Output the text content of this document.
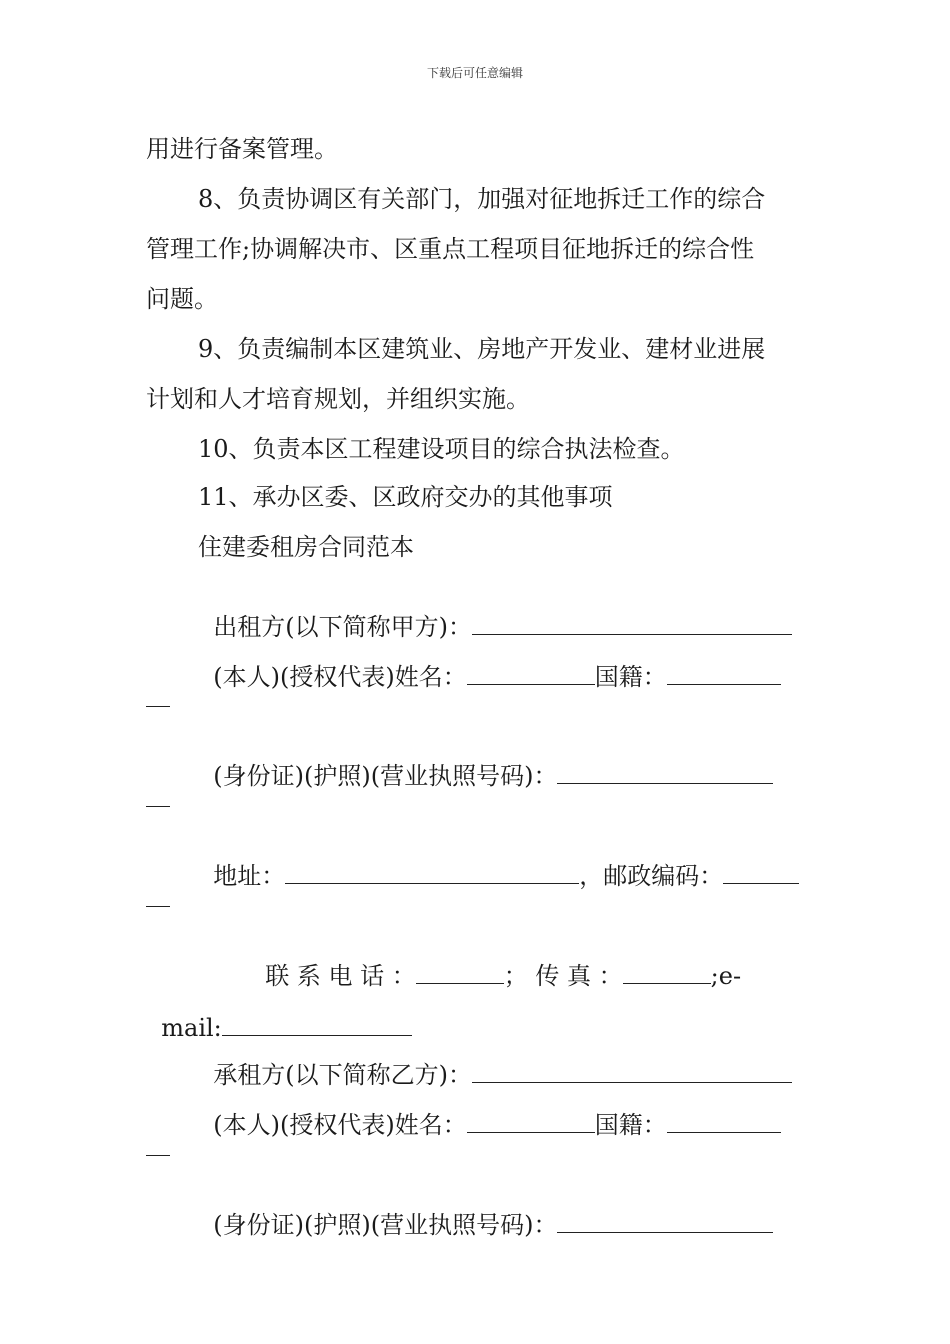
下载后可任意编辑
用进行备案管理。
8、负责协调区有关部门，加强对征地拆迁工作的综合
管理工作;协调解决市、区重点工程项目征地拆迁的综合性
问题。
9、负责编制本区建筑业、房地产开发业、建材业进展
计划和人才培育规划，并组织实施。
10、负责本区工程建设项目的综合执法检查。
11、承办区委、区政府交办的其他事项
住建委租房合同范本

出租方(以下简称甲方)：

(本人)(授权代表)姓名：	国籍：

(身份证)(护照)(营业执照号码)：

地址：	，邮政编码：

联 系 电 话 ：	； 传 真 ：	;e-

mail:

承租方(以下简称乙方)：

(本人)(授权代表)姓名：	国籍：

(身份证)(护照)(营业执照号码)：
